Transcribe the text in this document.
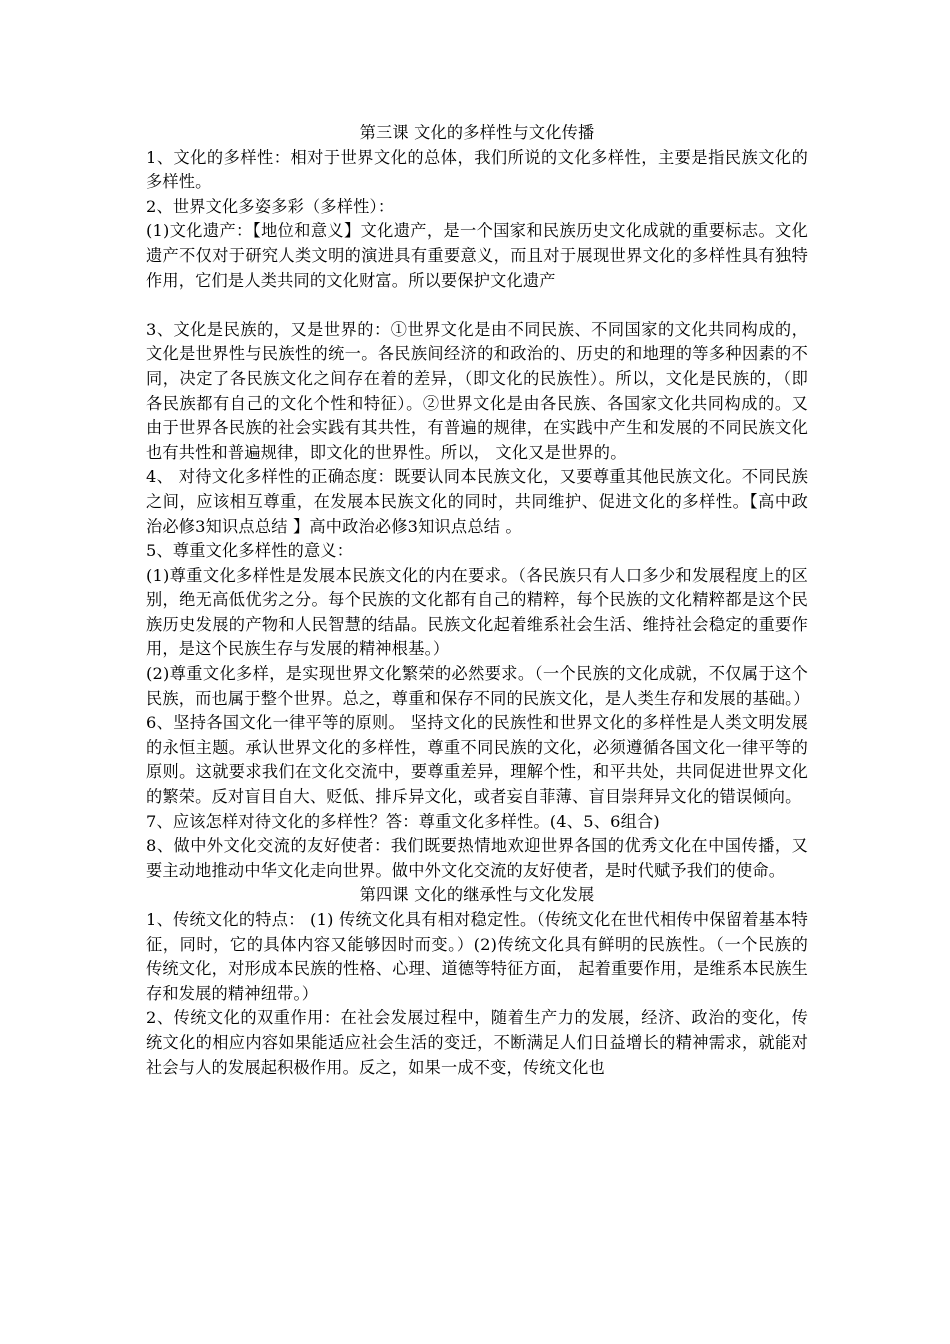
第三课 文化的多样性与文化传播

1、文化的多样性：相对于世界文化的总体，我们所说的文化多样性，主要是指民族文化的多样性。

2、世界文化多姿多彩（多样性）：

(1)文化遗产：【地位和意义】文化遗产，是一个国家和民族历史文化成就的重要标志。文化遗产不仅对于研究人类文明的演进具有重要意义，而且对于展现世界文化的多样性具有独特作用，它们是人类共同的文化财富。所以要保护文化遗产

3、文化是民族的，又是世界的：①世界文化是由不同民族、不同国家的文化共同构成的，文化是世界性与民族性的统一。各民族间经济的和政治的、历史的和地理的等多种因素的不同，决定了各民族文化之间存在着的差异，（即文化的民族性）。所以，文化是民族的，（即各民族都有自己的文化个性和特征）。②世界文化是由各民族、各国家文化共同构成的。又由于世界各民族的社会实践有其共性，有普遍的规律，在实践中产生和发展的不同民族文化也有共性和普遍规律，即文化的世界性。所以， 文化又是世界的。

4、 对待文化多样性的正确态度：既要认同本民族文化，又要尊重其他民族文化。不同民族之间，应该相互尊重，在发展本民族文化的同时，共同维护、促进文化的多样性。【高中政治必修3知识点总结 】高中政治必修3知识点总结 。

5、尊重文化多样性的意义：

(1)尊重文化多样性是发展本民族文化的内在要求。（各民族只有人口多少和发展程度上的区别，绝无高低优劣之分。每个民族的文化都有自己的精粹，每个民族的文化精粹都是这个民族历史发展的产物和人民智慧的结晶。民族文化起着维系社会生活、维持社会稳定的重要作用，是这个民族生存与发展的精神根基。）

(2)尊重文化多样，是实现世界文化繁荣的必然要求。（一个民族的文化成就，不仅属于这个民族，而也属于整个世界。总之，尊重和保存不同的民族文化，是人类生存和发展的基础。）

6、坚持各国文化一律平等的原则。 坚持文化的民族性和世界文化的多样性是人类文明发展的永恒主题。承认世界文化的多样性，尊重不同民族的文化，必须遵循各国文化一律平等的原则。这就要求我们在文化交流中，要尊重差异，理解个性，和平共处，共同促进世界文化的繁荣。反对盲目自大、贬低、排斥异文化，或者妄自菲薄、盲目崇拜异文化的错误倾向。

7、应该怎样对待文化的多样性？答：尊重文化多样性。(4、5、6组合)

8、做中外文化交流的友好使者：我们既要热情地欢迎世界各国的优秀文化在中国传播，又要主动地推动中华文化走向世界。做中外文化交流的友好使者，是时代赋予我们的使命。

第四课 文化的继承性与文化发展

1、传统文化的特点： (1) 传统文化具有相对稳定性。（传统文化在世代相传中保留着基本特征，同时，它的具体内容又能够因时而变。）(2)传统文化具有鲜明的民族性。（一个民族的传统文化，对形成本民族的性格、心理、道德等特征方面， 起着重要作用，是维系本民族生存和发展的精神纽带。）

2、传统文化的双重作用：在社会发展过程中，随着生产力的发展，经济、政治的变化，传统文化的相应内容如果能适应社会生活的变迁，不断满足人们日益增长的精神需求，就能对社会与人的发展起积极作用。反之，如果一成不变，传统文化也
